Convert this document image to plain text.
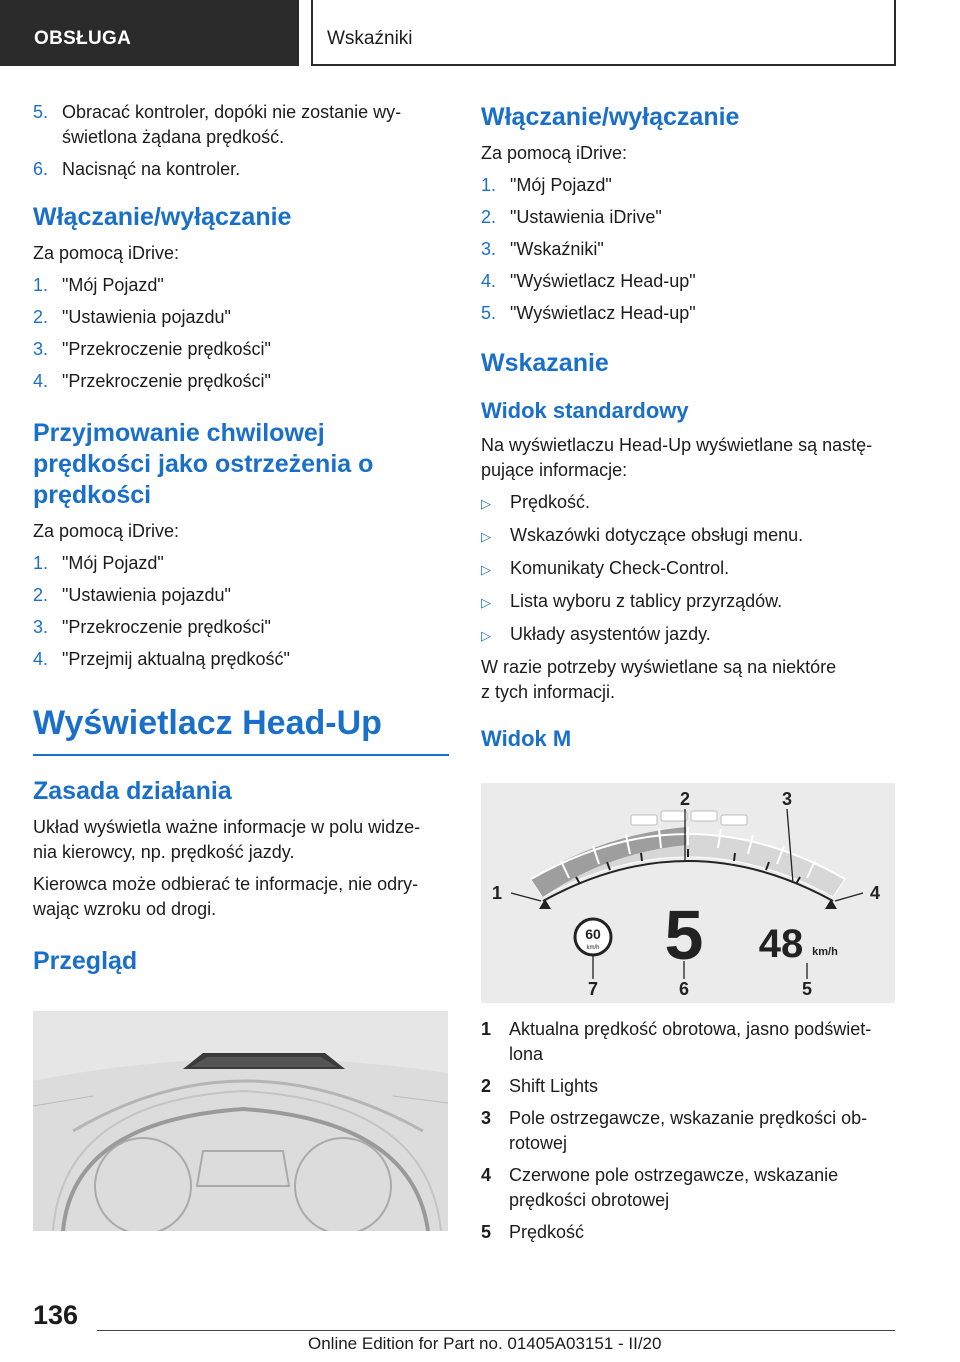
OBSŁUGA	Wskaźniki
5. Obracać kontroler, dopóki nie zostanie wy-
świetlona żądana prędkość.
6. Nacisnąć na kontroler.
Włączanie/wyłączanie
Za pomocą iDrive:
1. "Mój Pojazd"
2. "Ustawienia pojazdu"
3. "Przekroczenie prędkości"
4. "Przekroczenie prędkości"
Przyjmowanie chwilowej
prędkości jako ostrzeżenia o
prędkości
Za pomocą iDrive:
1. "Mój Pojazd"
2. "Ustawienia pojazdu"
3. "Przekroczenie prędkości"
4. "Przejmij aktualną prędkość"
Wyświetlacz Head-Up
Zasada działania
Układ wyświetla ważne informacje w polu widze-
nia kierowcy, np. prędkość jazdy.
Kierowca może odbierać te informacje, nie odry-
wając wzroku od drogi.
Przegląd
Włączanie/wyłączanie
Za pomocą iDrive:
1. "Mój Pojazd"
2. "Ustawienia iDrive"
3. "Wskaźniki"
4. "Wyświetlacz Head-up"
5. "Wyświetlacz Head-up"
Wskazanie
Widok standardowy
Na wyświetlaczu Head-Up wyświetlane są nastę-
pujące informacje:
▷	Prędkość.
▷	Wskazówki dotyczące obsługi menu.
▷	Komunikaty Check-Control.
▷	Lista wyboru z tablicy przyrządów.
▷	Układy asystentów jazdy.
W razie potrzeby wyświetlane są na niektóre
z tych informacji.
Widok M
60
km/h 5 48 km/h
1
2	3
4
5
6
7
1 Aktualna prędkość obrotowa, jasno podświet-
lona
2 Shift Lights
3 Pole ostrzegawcze, wskazanie prędkości ob-
rotowej
4 Czerwone pole ostrzegawcze, wskazanie
prędkości obrotowej
5 Prędkość
136
Online Edition for Part no. 01405A03151 - II/20
